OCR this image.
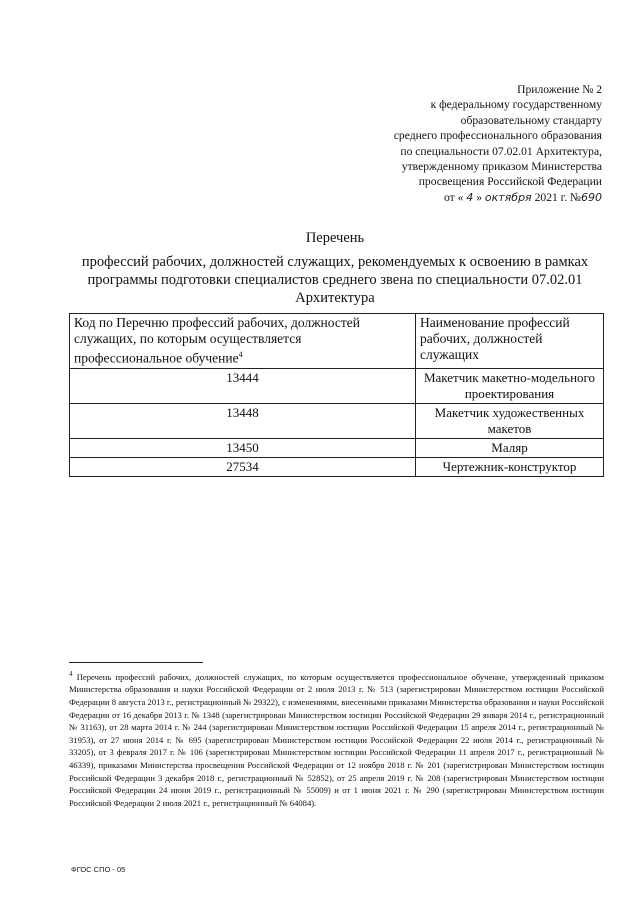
Приложение № 2
к федеральному государственному
образовательному стандарту
среднего профессионального образования
по специальности 07.02.01 Архитектура,
утвержденному приказом Министерства
просвещения Российской Федерации
от « 4 » октября 2021 г. №690
Перечень
профессий рабочих, должностей служащих, рекомендуемых к освоению в рамках
программы подготовки специалистов среднего звена по специальности 07.02.01
Архитектура
Код по Перечню профессий рабочих, должностей служащих, по которым осуществляется профессиональное обучение$^4$	Наименование профессий рабочих, должностей служащих
13444	Макетчик макетно-модельного проектирования
13448	Макетчик художественных макетов
13450	Маляр
27534	Чертежник-конструктор
$^4$ Перечень профессий рабочих, должностей служащих, по которым осуществляется профессиональное обучение, утвержденный приказом Министерства образования и науки Российской Федерации от 2 июля 2013 г. № 513 (зарегистрирован Министерством юстиции Российской Федерации 8 августа 2013 г., регистрационный № 29322), с изменениями, внесенными приказами Министерства образования и науки Российской Федерации от 16 декабря 2013 г. № 1348 (зарегистрирован Министерством юстиции Российской Федерации 29 января 2014 г., регистрационный № 31163), от 28 марта 2014 г. № 244 (зарегистрирован Министерством юстиции Российской Федерации 15 апреля 2014 г., регистрационный № 31953), от 27 июня 2014 г. № 695 (зарегистрирован Министерством юстиции Российской Федерации 22 июля 2014 г., регистрационный № 33205), от 3 февраля 2017 г. № 106 (зарегистрирован Министерством юстиции Российской Федерации 11 апреля 2017 г., регистрационный № 46339), приказами Министерства просвещения Российской Федерации от 12 ноября 2018 г. № 201 (зарегистрирован Министерством юстиции Российской Федерации 3 декабря 2018 г., регистрационный № 52852), от 25 апреля 2019 г. № 208 (зарегистрирован Министерством юстиции Российской Федерации 24 июня 2019 г., регистрационный № 55009) и от 1 июня 2021 г. № 290 (зарегистрирован Министерством юстиции Российской Федерации 2 июля 2021 г., регистрационный № 64084).
ФГОС СПО - 05
